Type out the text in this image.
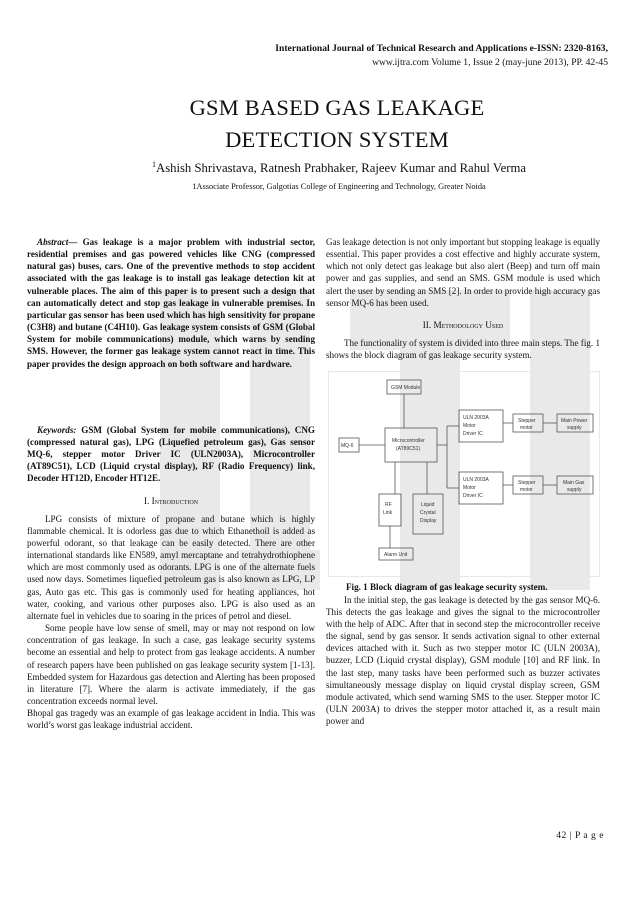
International Journal of Technical Research and Applications e-ISSN: 2320-8163,
www.ijtra.com Volume 1, Issue 2 (may-june 2013), PP. 42-45
GSM BASED GAS LEAKAGE
DETECTION SYSTEM
$^1$Ashish Shrivastava, Ratnesh Prabhaker, Rajeev Kumar and Rahul Verma
1Associate Professor, Galgotias College of Engineering and Technology, Greater Noida

Abstract— Gas leakage is a major problem with industrial sector, residential premises and gas powered vehicles like CNG (compressed natural gas) buses, cars. One of the preventive methods to stop accident associated with the gas leakage is to install gas leakage detection kit at vulnerable places. The aim of this paper is to present such a design that can automatically detect and stop gas leakage in vulnerable premises. In particular gas sensor has been used which has high sensitivity for propane (C3H8) and butane (C4H10). Gas leakage system consists of GSM (Global System for mobile communications) module, which warns by sending SMS. However, the former gas leakage system cannot react in time. This paper provides the design approach on both software and hardware.

Keywords: GSM (Global System for mobile communications), CNG (compressed natural gas), LPG (Liquefied petroleum gas), Gas sensor MQ-6, stepper motor Driver IC (ULN2003A), Microcontroller (AT89C51), LCD (Liquid crystal display), RF (Radio Frequency) link, Decoder HT12D, Encoder HT12E.

I. Introduction

LPG consists of mixture of propane and butane which is highly flammable chemical. It is odorless gas due to which Ethanethoil is added as powerful odorant, so that leakage can be easily detected. There are other international standards like EN589, amyl mercaptane and tetrahydrothiophene which are most commonly used as odorants. LPG is one of the alternate fuels used now days. Sometimes liquefied petroleum gas is also known as LPG, LP gas, Auto gas etc. This gas is commonly used for heating appliances, hot water, cooking, and various other purposes also. LPG is also used as an alternate fuel in vehicles due to soaring in the prices of petrol and diesel.

Some people have low sense of smell, may or may not respond on low concentration of gas leakage. In such a case, gas leakage security systems become an essential and help to protect from gas leakage accidents. A number of research papers have been published on gas leakage security system [1-13]. Embedded system for Hazardous gas detection and Alerting has been proposed in literature [7]. Where the alarm is activate immediately, if the gas concentration exceeds normal level.

Bhopal gas tragedy was an example of gas leakage accident in India. This was world’s worst gas leakage industrial accident.

Gas leakage detection is not only important but stopping leakage is equally essential. This paper provides a cost effective and highly accurate system, which not only detect gas leakage but also alert (Beep) and turn off main power and gas supplies, and send an SMS. GSM module is used which alert the user by sending an SMS [2]. In order to provide high accuracy gas sensor MQ-6 has been used.

II. Methodology Used

The functionality of system is divided into three main steps. The fig. 1 shows the block diagram of gas leakage security system.

GSM Module
MQ-6
Microcontroller
(AT89C51)
ULN 2003A
Motor
Driver IC
ULN 2003A
Motor
Driver IC
Stepper
motor
Stepper
motor
Main Power
supply
Main Gas
supply
RF
Link
Liquid
Crystal
Display
Alarm Unit
Fig. 1 Block diagram of gas leakage security system.

In the initial step, the gas leakage is detected by the gas sensor MQ-6. This detects the gas leakage and gives the signal to the microcontroller with the help of ADC. After that in second step the microcontroller receive the signal, send by gas sensor. It sends activation signal to other external devices attached with it. Such as two stepper motor IC (ULN 2003A), buzzer, LCD (Liquid crystal display), GSM module [10] and RF link. In the last step, many tasks have been performed such as buzzer activates simultaneously message display on liquid crystal display screen, GSM module activated, which send warning SMS to the user. Stepper motor IC (ULN 2003A) to drives the stepper motor attached it, as a result main power and

42 | P a g e
